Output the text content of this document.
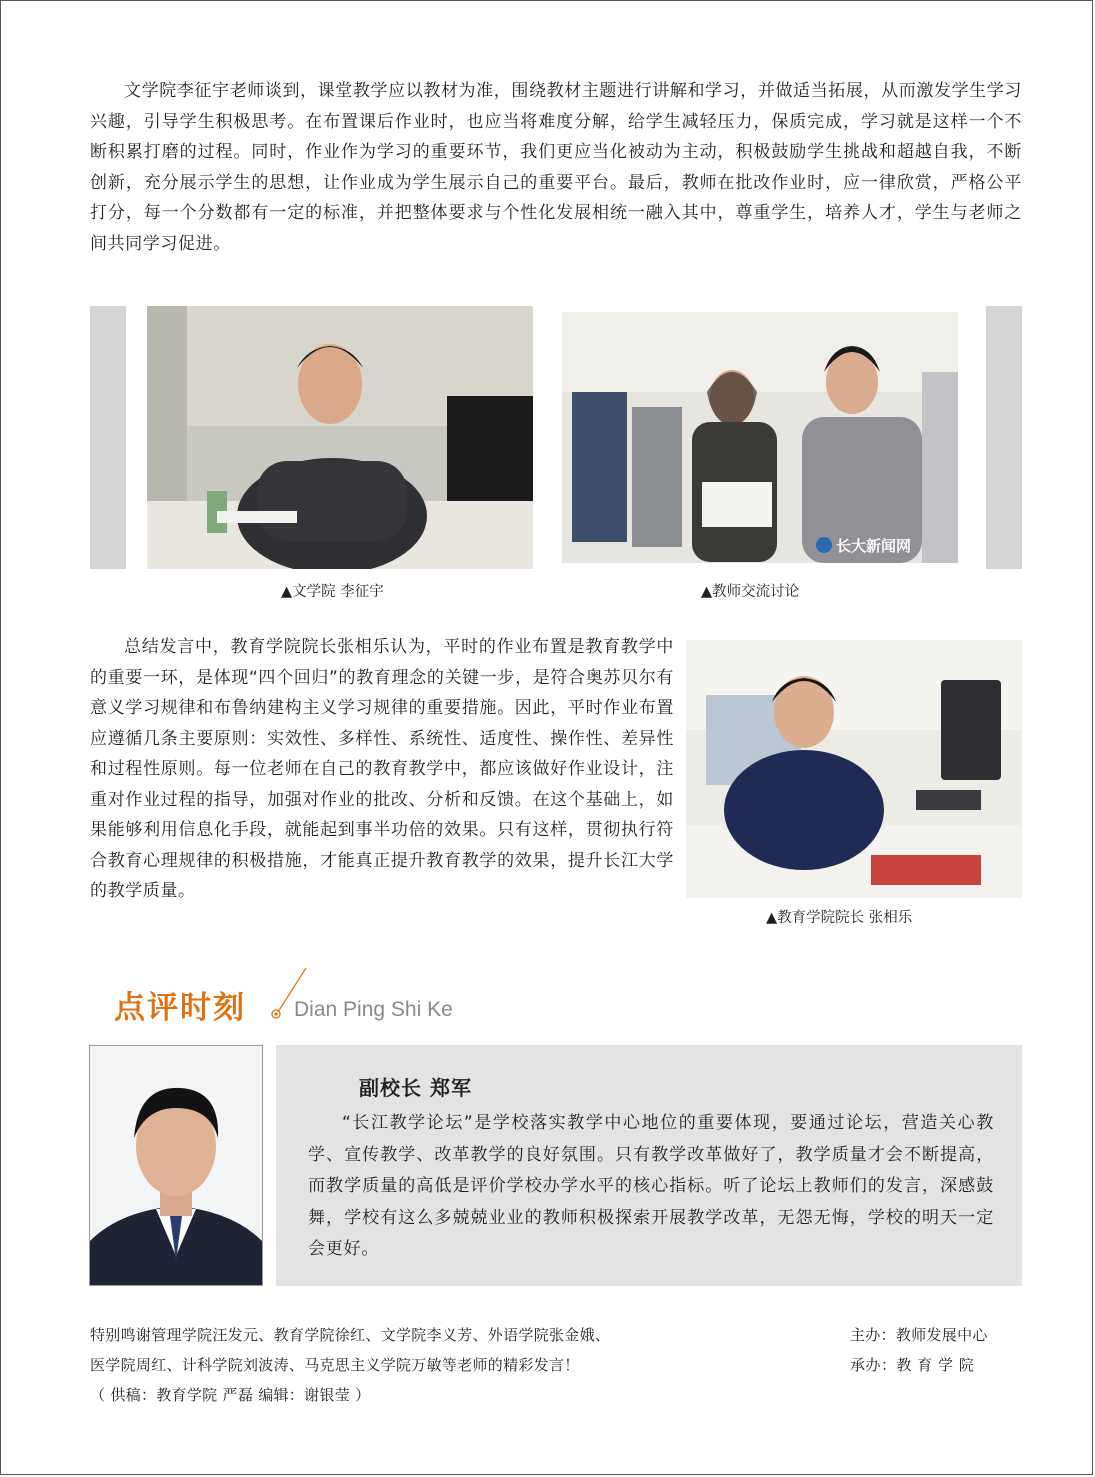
文学院李征宇老师谈到，课堂教学应以教材为准，围绕教材主题进行讲解和学习，并做适当拓展，从而激发学生学习兴趣，引导学生积极思考。在布置课后作业时，也应当将难度分解，给学生减轻压力，保质完成，学习就是这样一个不断积累打磨的过程。同时，作业作为学习的重要环节，我们更应当化被动为主动，积极鼓励学生挑战和超越自我，不断创新，充分展示学生的思想，让作业成为学生展示自己的重要平台。最后，教师在批改作业时，应一律欣赏，严格公平打分，每一个分数都有一定的标准，并把整体要求与个性化发展相统一融入其中，尊重学生，培养人才，学生与老师之间共同学习促进。

长大新闻网
▲文学院 李征宇	▲教师交流讨论

总结发言中，教育学院院长张相乐认为，平时的作业布置是教育教学中的重要一环，是体现“四个回归”的教育理念的关键一步，是符合奥苏贝尔有意义学习规律和布鲁纳建构主义学习规律的重要措施。因此，平时作业布置应遵循几条主要原则：实效性、多样性、系统性、适度性、操作性、差异性和过程性原则。每一位老师在自己的教育教学中，都应该做好作业设计，注重对作业过程的指导，加强对作业的批改、分析和反馈。在这个基础上，如果能够利用信息化手段，就能起到事半功倍的效果。只有这样，贯彻执行符合教育心理规律的积极措施，才能真正提升教育教学的效果，提升长江大学的教学质量。

▲教育学院院长 张相乐
点评时刻 Dian Ping Shi Ke
副校长 郑军

“长江教学论坛”是学校落实教学中心地位的重要体现，要通过论坛，营造关心教学、宣传教学、改革教学的良好氛围。只有教学改革做好了，教学质量才会不断提高，而教学质量的高低是评价学校办学水平的核心指标。听了论坛上教师们的发言，深感鼓舞，学校有这么多兢兢业业的教师积极探索开展教学改革，无怨无悔，学校的明天一定会更好。

特别鸣谢管理学院汪发元、教育学院徐红、文学院李义芳、外语学院张金娥、
医学院周红、计科学院刘波涛、马克思主义学院万敏等老师的精彩发言！
（ 供稿：教育学院 严磊 编辑：谢银莹 ）
主办：教师发展中心
承办：教 育 学 院
